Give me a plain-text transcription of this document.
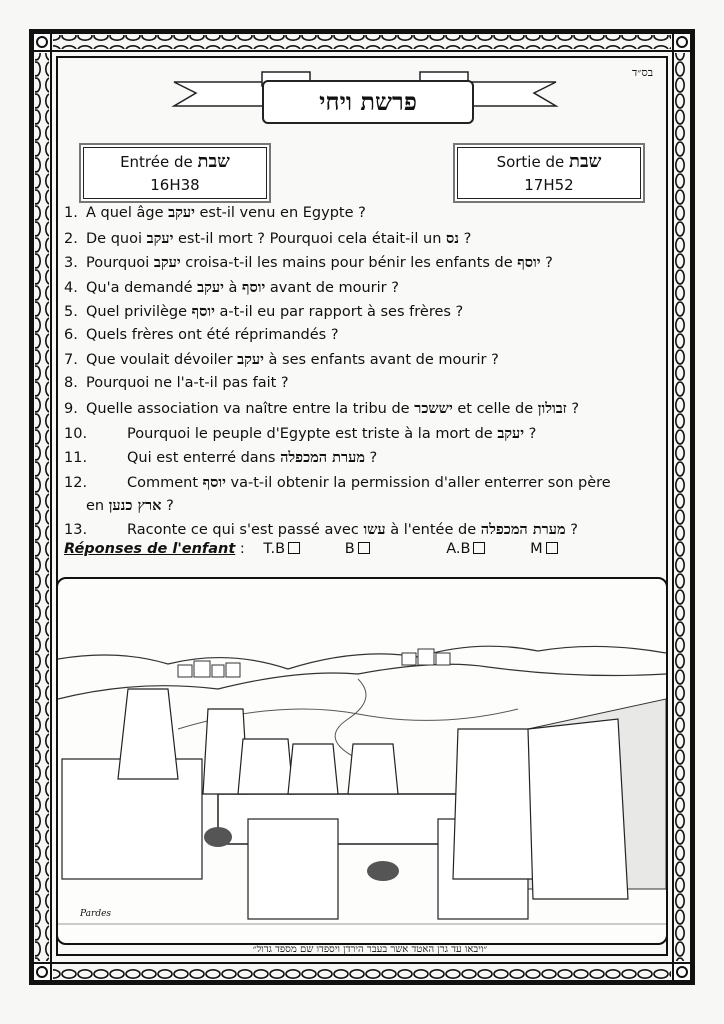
בס״ד
פרשת ויחי
Entrée de שבת
16H38
Sortie de שבת
17H52
1. A quel âge יעקב est-il venu en Egypte ?
2. De quoi יעקב est-il mort ? Pourquoi cela était-il un נס ?
3. Pourquoi יעקב croisa-t-il les mains pour bénir les enfants de יוסף ?
4. Qu'a demandé יעקב à יוסף avant de mourir ?
5. Quel privilège יוסף a-t-il eu par rapport à ses frères ?
6. Quels frères ont été réprimandés ?
7. Que voulait dévoiler יעקב à ses enfants avant de mourir ?
8. Pourquoi ne l'a-t-il pas fait ?
9. Quelle association va naître entre la tribu de יששכר et celle de זבולון ?
10.	Pourquoi le peuple d'Egypte est triste à la mort de יעקב ?
11.	Qui est enterré dans מערת המכפלה ?
12.	Comment יוסף va-t-il obtenir la permission d'aller enterrer son père
en ארץ כנען ?
13.	Raconte ce qui s'est passé avec עשו à l'entée de מערת המכפלה ?
Réponses de l'enfant : T.B	B	A.B	M
Pardes
״ויבאו עד גרן האטד אשר בעבר הירדן ויספדו שם מספד גדול״
